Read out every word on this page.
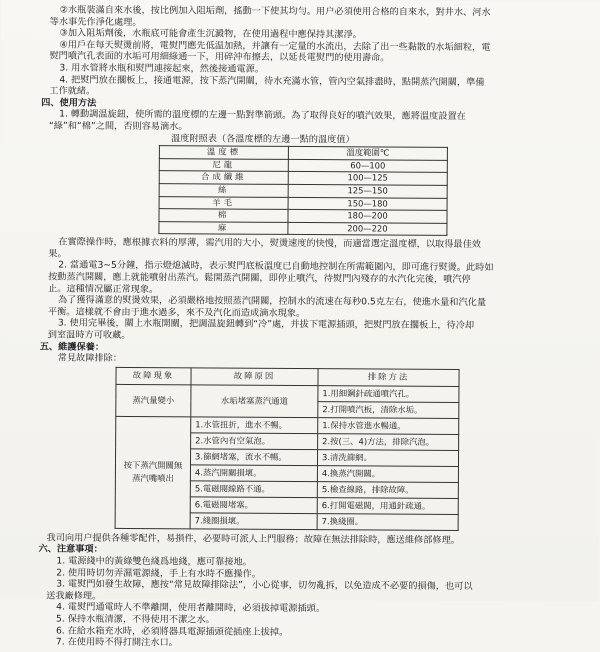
②水瓶裝滿自來水後，按比例加入阻垢劑，搖動一下使其均勻。用户必須使用合格的自來水，對井水、河水

等水事先作淨化處理。

③加入阻垢劑後，水瓶底可能會產生沉澱物，在使用過程中應保持其潔淨。

④用戶在每天熨燙前將，電熨門應先低温加熱，并讓有一定量的水流出，去除了出一些黏散的水垢細粒，電

熨門噴汽孔表面的水垢可用細綠通一下，用碎沖布擦去，以延長電熨門的使用壽命。

3. 用水管將水瓶和熨門連接起來，然後接通電源。

4. 把熨門放在擱板上，接通電源，按下蒸汽開關，待水充滿水管，管內空氣排盡時，點開蒸汽開關，準備

工作就緒。

四、使用方法

1. 轉動調温旋鈕，使所需的溫度標的左邊一點對準箭頭。為了取得良好的噴汽效果，應將溫度設置在

“綠”和“棉”之間，否則容易滴水。

溫度附照表（各溫度標的左邊一點的溫度值）

溫度標	溫度範圍℃
尼龍	60—100
合成纖維	100—125
絲	125—150
羊毛	150—180
棉	180—200
麻	200—220

在實際操作時，應根據衣料的厚薄，需汽用的大小，熨燙速度的快慢，而適當選定溫度標，以取得最佳效

果。

2. 當通電3~5分鐘，指示燈熄滅時，表示熨門底板溫度已自動地控制在所需範圍內，即可進行熨燙。此時如

按動蒸汽開關，應上就能噴射出蒸汽。鬆開蒸汽開關，即停止噴汽，待熨門內殘存的水汽化完後，噴汽停

止。這種情况屬正常现象。

為了獲得滿意的熨燙效果，必須嚴格地按照蒸汽開關，控制水的流速在每秒0.5克左右，使進水量和汽化量

平衡。這樣就不會由于進水過多，來不及汽化而造成滴水現象。

3. 使用完畢後，關上水瓶開關，把調温旋鈕轉到“冷”處，并拔下電源插頭，把熨門放在擱板上，待冷却

到室温時方可收藏。

五、維護保養：

常見故障排除：

故障現象	故障原因	排除方法
蒸汽量變小	水垢堵塞蒸汽通道	1.用細鋼針疏通噴汽孔。
		2.打開噴汽板，清除水垢。
按下蒸汽開關無蒸汽嘴噴出	1.水管扭折，進水不暢。	1.保持水管進水暢通。
	2.水管內有空氣泡。	2.按(三、4)方法，排除汽泡。
	3.篩網堵塞，流水不暢。	3.清洗篩網。
	4.蒸汽開關損壞。	4.換蒸汽開關。
	5.電磁閥線路不通。	5.檢查線路，排除故障。
	6.電磁閥堵塞。	6.打開電磁閥，用通針疏通。
	7.綫圈損壞。	7.換綫圈。

我司向用户提供各種零配件，易損件，必要時可派人上門服務；故障在無法排除時，應送維修部修理。

六、注意事項：

1. 電源綫中的黃綠雙色綫爲地綫，應可靠接地。

2. 使用時切勿弄濕電源綫，手上有水時不應操作。

3. 電熨門如發生故障，應按“常見故障排除法”，小心從事，切勿亂拆，以免造成不必要的損傷，也可以

送我廠修理。

4. 電熨門通電時人不準離開，使用者離開時，必須拔掉電源插頭。

5. 保持水瓶清潔，不得使用不潔之水。

6. 在給水箱充水時，必須將器具電源插頭從插座上拔掉。

7. 在使用時不得打開注水口。
